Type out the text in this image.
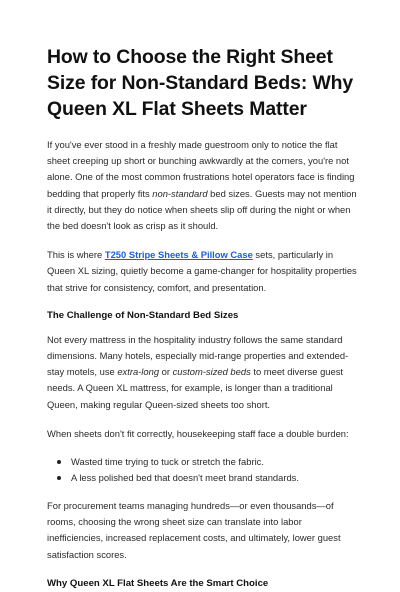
How to Choose the Right Sheet Size for Non-Standard Beds: Why Queen XL Flat Sheets Matter

If you've ever stood in a freshly made guestroom only to notice the flat sheet creeping up short or bunching awkwardly at the corners, you're not alone. One of the most common frustrations hotel operators face is finding bedding that properly fits non-standard bed sizes. Guests may not mention it directly, but they do notice when sheets slip off during the night or when the bed doesn't look as crisp as it should.

This is where T250 Stripe Sheets & Pillow Case sets, particularly in Queen XL sizing, quietly become a game-changer for hospitality properties that strive for consistency, comfort, and presentation.

The Challenge of Non-Standard Bed Sizes

Not every mattress in the hospitality industry follows the same standard dimensions. Many hotels, especially mid-range properties and extended-stay motels, use extra-long or custom-sized beds to meet diverse guest needs. A Queen XL mattress, for example, is longer than a traditional Queen, making regular Queen-sized sheets too short.

When sheets don't fit correctly, housekeeping staff face a double burden:

Wasted time trying to tuck or stretch the fabric.
A less polished bed that doesn't meet brand standards.

For procurement teams managing hundreds—or even thousands—of rooms, choosing the wrong sheet size can translate into labor inefficiencies, increased replacement costs, and ultimately, lower guest satisfaction scores.

Why Queen XL Flat Sheets Are the Smart Choice
